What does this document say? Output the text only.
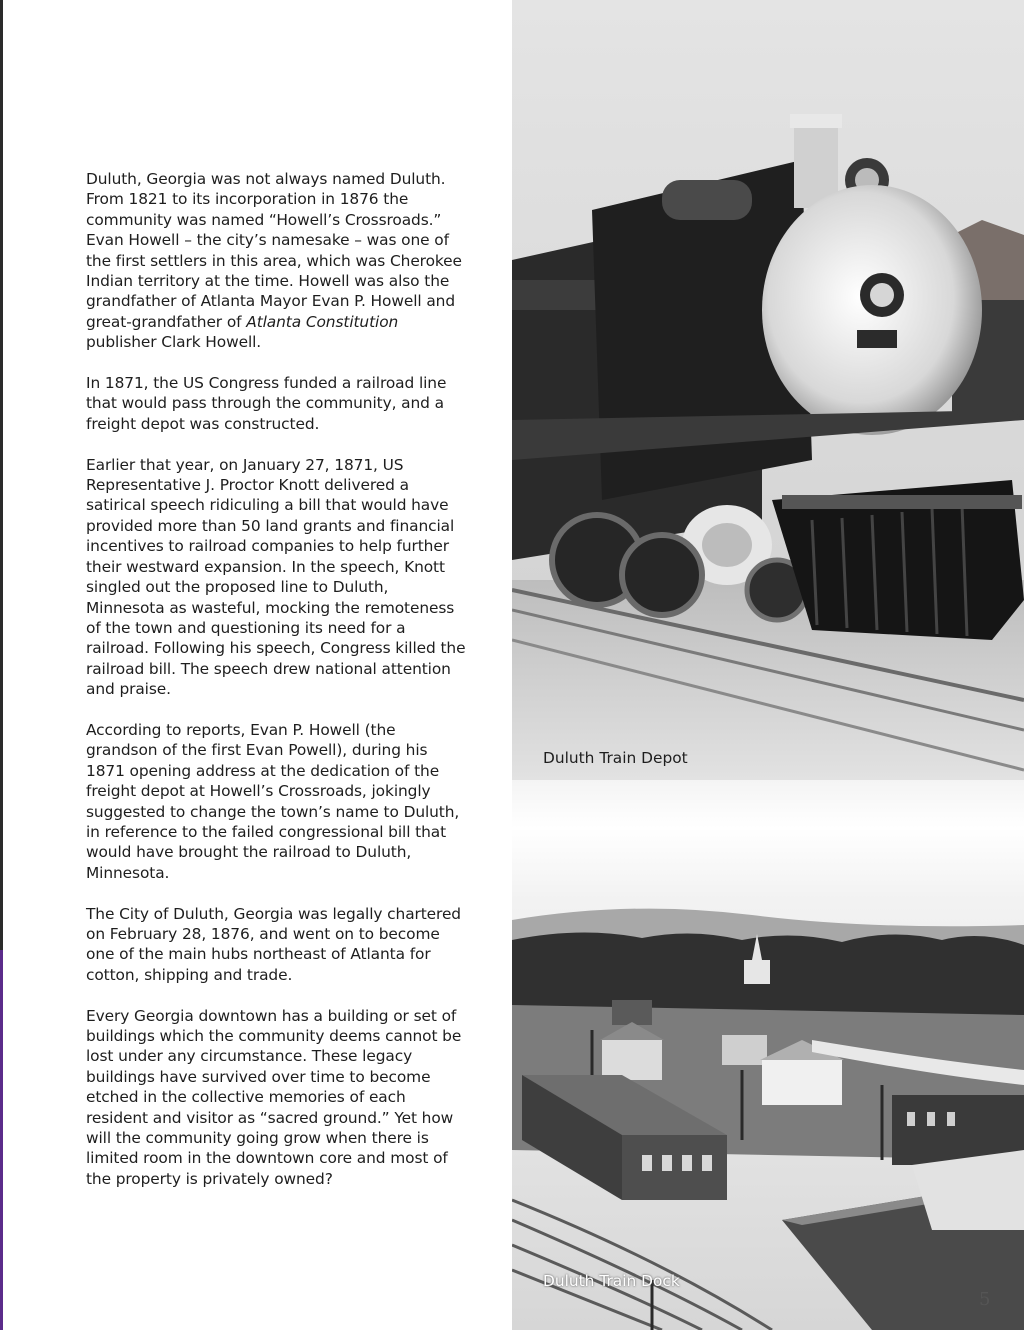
Duluth, Georgia was not always named Duluth. From 1821 to its incorporation in 1876 the community was named “Howell’s Crossroads.” Evan Howell – the city’s namesake – was one of the first settlers in this area, which was Cherokee Indian territory at the time. Howell was also the grandfather of Atlanta Mayor Evan P. Howell and great-grandfather of Atlanta Constitution publisher Clark Howell.

In 1871, the US Congress funded a railroad line that would pass through the community, and a freight depot was constructed.

Earlier that year, on January 27, 1871, US Representative J. Proctor Knott delivered a satirical speech ridiculing a bill that would have provided more than 50 land grants and financial incentives to railroad companies to help further their westward expansion. In the speech, Knott singled out the proposed line to Duluth, Minnesota as wasteful, mocking the remoteness of the town and questioning its need for a railroad. Following his speech, Congress killed the railroad bill. The speech drew national attention and praise.

According to reports, Evan P. Howell (the grandson of the first Evan Powell), during his 1871 opening address at the dedication of the freight depot at Howell’s Crossroads, jokingly suggested to change the town’s name to Duluth, in reference to the failed congressional bill that would have brought the railroad to Duluth, Minnesota.

The City of Duluth, Georgia was legally chartered on February 28, 1876, and went on to become one of the main hubs northeast of Atlanta for cotton, shipping and trade.

Every Georgia downtown has a building or set of buildings which the community deems cannot be lost under any circumstance. These legacy buildings have survived over time to become etched in the collective memories of each resident and visitor as “sacred ground.” Yet how will the community going grow when there is limited room in the downtown core and most of the property is privately owned?

Duluth Train Depot
Duluth Train Dock
5
